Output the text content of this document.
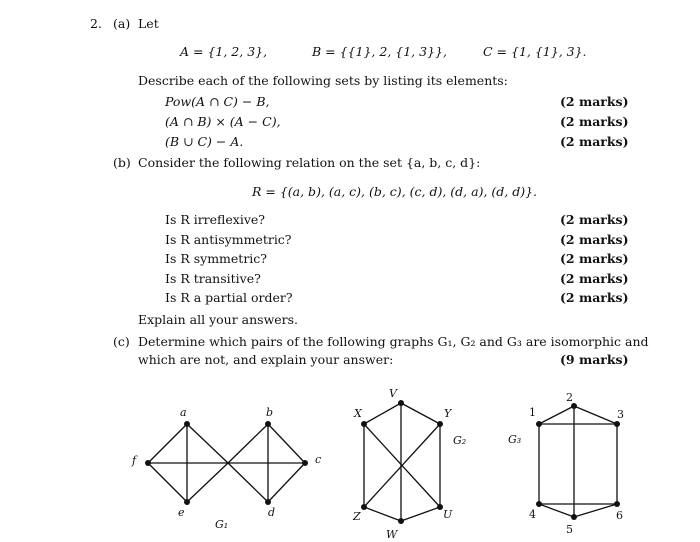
2. (a) Let
A = {1, 2, 3},	B = {{1}, 2, {1, 3}},	C = {1, {1}, 3}.
Describe each of the following sets by listing its elements:
Pow(A ∩ C) − B,	(2 marks)
(A ∩ B) × (A − C),	(2 marks)
(B ∪ C) − A.	(2 marks)
(b) Consider the following relation on the set {a, b, c, d}:
R = {(a, b), (a, c), (b, c), (c, d), (d, a), (d, d)}.
Is R irreflexive?	(2 marks)
Is R antisymmetric?	(2 marks)
Is R symmetric?	(2 marks)
Is R transitive?	(2 marks)
Is R a partial order?	(2 marks)
Explain all your answers.
(c) Determine which pairs of the following graphs G₁, G₂ and G₃ are isomorphic and
which are not, and explain your answer:	(9 marks)
a	b
c
d
e
f
G₁
V
X	Y
Z
W
U
G₂
1
2
3
4
5
6
G₃
